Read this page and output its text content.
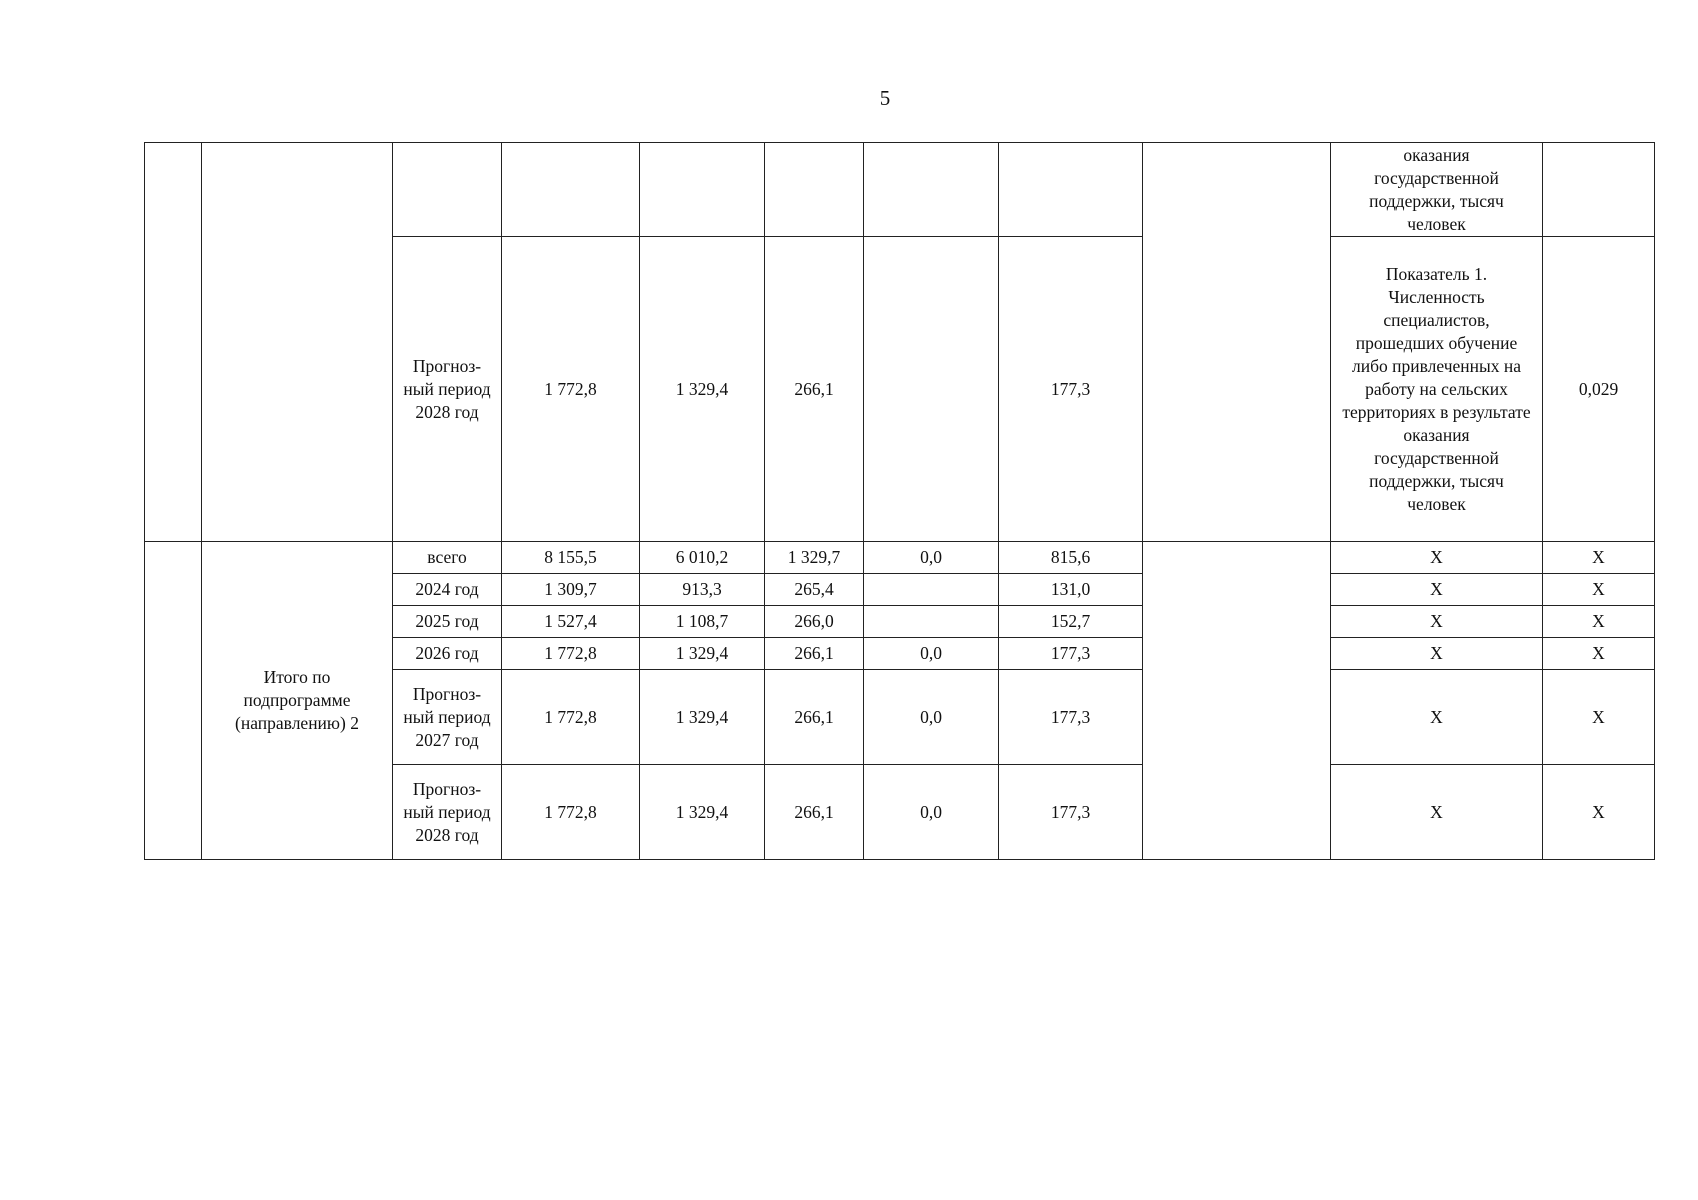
5
									оказания государственной поддержки, тысяч человек	
		Прогноз-ный период 2028 год	1 772,8	1 329,4	266,1		177,3		Показатель 1. Численность специалистов, прошедших обучение либо привлеченных на работу на сельских территориях в результате оказания государственной поддержки, тысяч человек	0,029
	Итого по подпрограмме (направлению) 2	всего	8 155,5	6 010,2	1 329,7	0,0	815,6		X	X
		2024 год	1 309,7	913,3	265,4		131,0		X	X
		2025 год	1 527,4	1 108,7	266,0		152,7		X	X
		2026 год	1 772,8	1 329,4	266,1	0,0	177,3		X	X
		Прогноз-ный период 2027 год	1 772,8	1 329,4	266,1	0,0	177,3		X	X
		Прогноз-ный период 2028 год	1 772,8	1 329,4	266,1	0,0	177,3		X	X
